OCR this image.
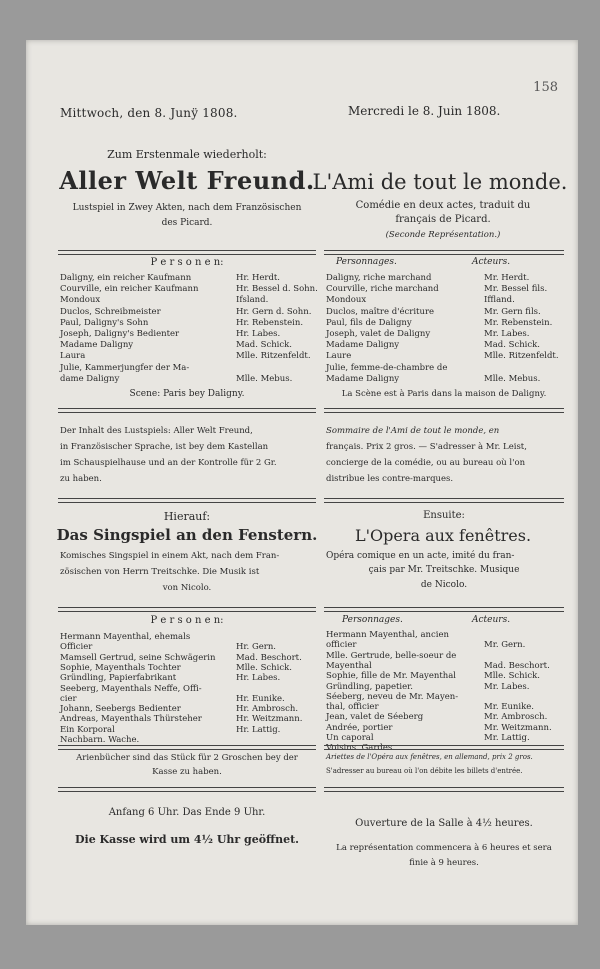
158
Mittwoch, den 8. Junÿ 1808.
Zum Erstenmale wiederholt:
Aller Welt Freund.
Lustspiel in Zwey Akten, nach dem Französischen
des Picard.
P e r s o n e n:
Daligny, ein reicher Kaufmann	Hr. Herdt.
Courville, ein reicher Kaufmann	Hr. Bessel d. Sohn.
Mondoux	Ifsland.
Duclos, Schreibmeister	Hr. Gern d. Sohn.
Paul, Daligny's Sohn	Hr. Rebenstein.
Joseph, Daligny's Bedienter	Hr. Labes.
Madame Daligny	Mad. Schick.
Laura	Mlle. Ritzenfeldt.
Julie, Kammerjungfer der Ma-
dame Daligny	Mlle. Mebus.
Scene: Paris bey Daligny.
Der Inhalt des Lustspiels: Aller Welt Freund,
in Französischer Sprache, ist bey dem Kastellan
im Schauspielhause und an der Kontrolle für 2 Gr.
zu haben.
Hierauf:
Das Singspiel an den Fenstern.
Komisches Singspiel in einem Akt, nach dem Fran-
zösischen von Herrn Treitschke. Die Musik ist
von Nicolo.
P e r s o n e n:
Hermann Mayenthal, ehemals
Officier	Hr. Gern.
Mamsell Gertrud, seine Schwägerin Mad. Beschort.
Sophie, Mayenthals Tochter	Mlle. Schick.
Gründling, Papierfabrikant	Hr. Labes.
Seeberg, Mayenthals Neffe, Offi-
cier	Hr. Eunike.
Johann, Seebergs Bedienter	Hr. Ambrosch.
Andreas, Mayenthals Thürsteher	Hr. Weitzmann.
Ein Korporal	Hr. Lattig.
Nachbarn. Wache.
Arienbücher sind das Stück für 2 Groschen bey der
Kasse zu haben.
Anfang 6 Uhr. Das Ende 9 Uhr.
Die Kasse wird um 4½ Uhr geöffnet.
Mercredi le 8. Juin 1808.
L'Ami de tout le monde.
Comédie en deux actes, traduit du
français de Picard.
(Seconde Représentation.)
Personnages.	Acteurs.
Daligny, riche marchand	Mr. Herdt.
Courville, riche marchand	Mr. Bessel fils.
Mondoux	Iffland.
Duclos, maître d'écriture	Mr. Gern fils.
Paul, fils de Daligny	Mr. Rebenstein.
Joseph, valet de Daligny	Mr. Labes.
Madame Daligny	Mad. Schick.
Laure	Mlle. Ritzenfeldt.
Julie, femme-de-chambre de
Madame Daligny	Mlle. Mebus.
La Scène est à Paris dans la maison de Daligny.
Sommaire de l'Ami de tout le monde, en
français. Prix 2 gros. — S'adresser à Mr. Leist,
concierge de la comédie, ou au bureau où l'on
distribue les contre-marques.
Ensuite:
L'Opera aux fenêtres.
Opéra comique en un acte, imité du fran-
çais par Mr. Treitschke. Musique
de Nicolo.
Personnages.	Acteurs.
Hermann Mayenthal, ancien
officier	Mr. Gern.
Mlle. Gertrude, belle-soeur de
Mayenthal	Mad. Beschort.
Sophie, fille de Mr. Mayenthal	Mlle. Schick.
Gründling, papetier.	Mr. Labes.
Séeberg, neveu de Mr. Mayen-
thal, officier	Mr. Eunike.
Jean, valet de Séeberg	Mr. Ambrosch.
Andrée, portier	Mr. Weitzmann.
Un caporal	Mr. Lattig.
Voisins. Gardes.
Ariettes de l'Opéra aux fenêtres, en allemand, prix 2 gros.
S'adresser au bureau où l'on débite les billets d'entrée.
Ouverture de la Salle à 4½ heures.
La représentation commencera à 6 heures et sera
finie à 9 heures.
